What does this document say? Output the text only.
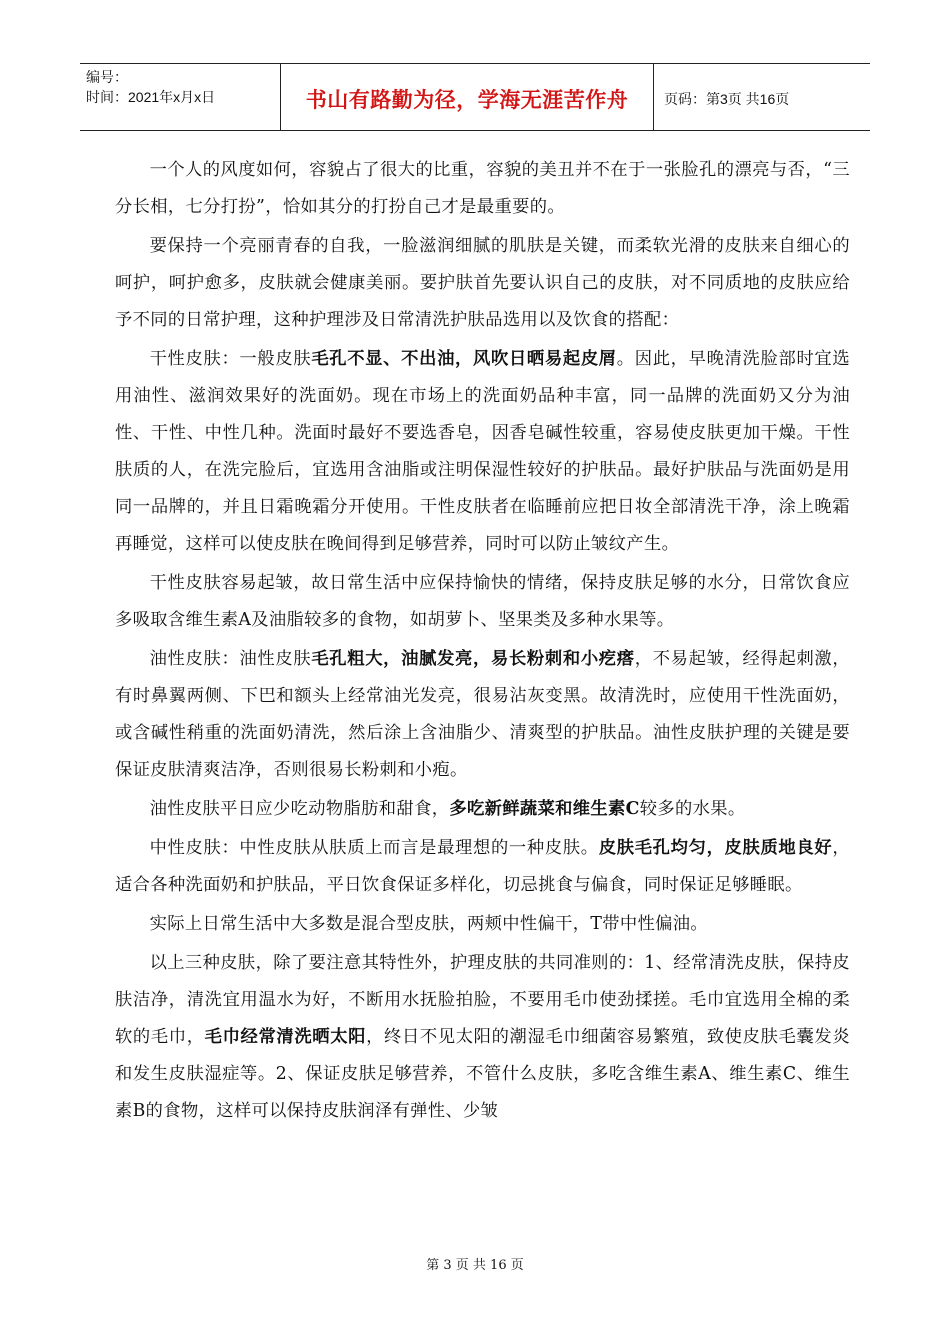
编号：
时间：2021年x月x日	书山有路勤为径，学海无涯苦作舟	页码：第3页 共16页

一个人的风度如何，容貌占了很大的比重，容貌的美丑并不在于一张脸孔的漂亮与否，“三分长相，七分打扮”，恰如其分的打扮自己才是最重要的。

要保持一个亮丽青春的自我，一脸滋润细腻的肌肤是关键，而柔软光滑的皮肤来自细心的呵护，呵护愈多，皮肤就会健康美丽。要护肤首先要认识自己的皮肤，对不同质地的皮肤应给予不同的日常护理，这种护理涉及日常清洗护肤品选用以及饮食的搭配：

干性皮肤：一般皮肤毛孔不显、不出油，风吹日晒易起皮屑。因此，早晚清洗脸部时宜选用油性、滋润效果好的洗面奶。现在市场上的洗面奶品种丰富，同一品牌的洗面奶又分为油性、干性、中性几种。洗面时最好不要选香皂，因香皂碱性较重，容易使皮肤更加干燥。干性肤质的人，在洗完脸后，宜选用含油脂或注明保湿性较好的护肤品。最好护肤品与洗面奶是用同一品牌的，并且日霜晚霜分开使用。干性皮肤者在临睡前应把日妆全部清洗干净，涂上晚霜再睡觉，这样可以使皮肤在晚间得到足够营养，同时可以防止皱纹产生。

干性皮肤容易起皱，故日常生活中应保持愉快的情绪，保持皮肤足够的水分，日常饮食应多吸取含维生素A及油脂较多的食物，如胡萝卜、坚果类及多种水果等。

油性皮肤：油性皮肤毛孔粗大，油腻发亮，易长粉刺和小疙瘩，不易起皱，经得起刺激，有时鼻翼两侧、下巴和额头上经常油光发亮，很易沾灰变黑。故清洗时，应使用干性洗面奶，或含碱性稍重的洗面奶清洗，然后涂上含油脂少、清爽型的护肤品。油性皮肤护理的关键是要保证皮肤清爽洁净，否则很易长粉刺和小疱。

油性皮肤平日应少吃动物脂肪和甜食，多吃新鲜蔬菜和维生素C较多的水果。

中性皮肤：中性皮肤从肤质上而言是最理想的一种皮肤。皮肤毛孔均匀，皮肤质地良好，适合各种洗面奶和护肤品，平日饮食保证多样化，切忌挑食与偏食，同时保证足够睡眠。

实际上日常生活中大多数是混合型皮肤，两颊中性偏干，T带中性偏油。

以上三种皮肤，除了要注意其特性外，护理皮肤的共同准则的：1、经常清洗皮肤，保持皮肤洁净，清洗宜用温水为好，不断用水抚脸拍脸，不要用毛巾使劲揉搓。毛巾宜选用全棉的柔软的毛巾，毛巾经常清洗晒太阳，终日不见太阳的潮湿毛巾细菌容易繁殖，致使皮肤毛囊发炎和发生皮肤湿症等。2、保证皮肤足够营养，不管什么皮肤，多吃含维生素A、维生素C、维生素B的食物，这样可以保持皮肤润泽有弹性、少皱

第 3 页 共 16 页
